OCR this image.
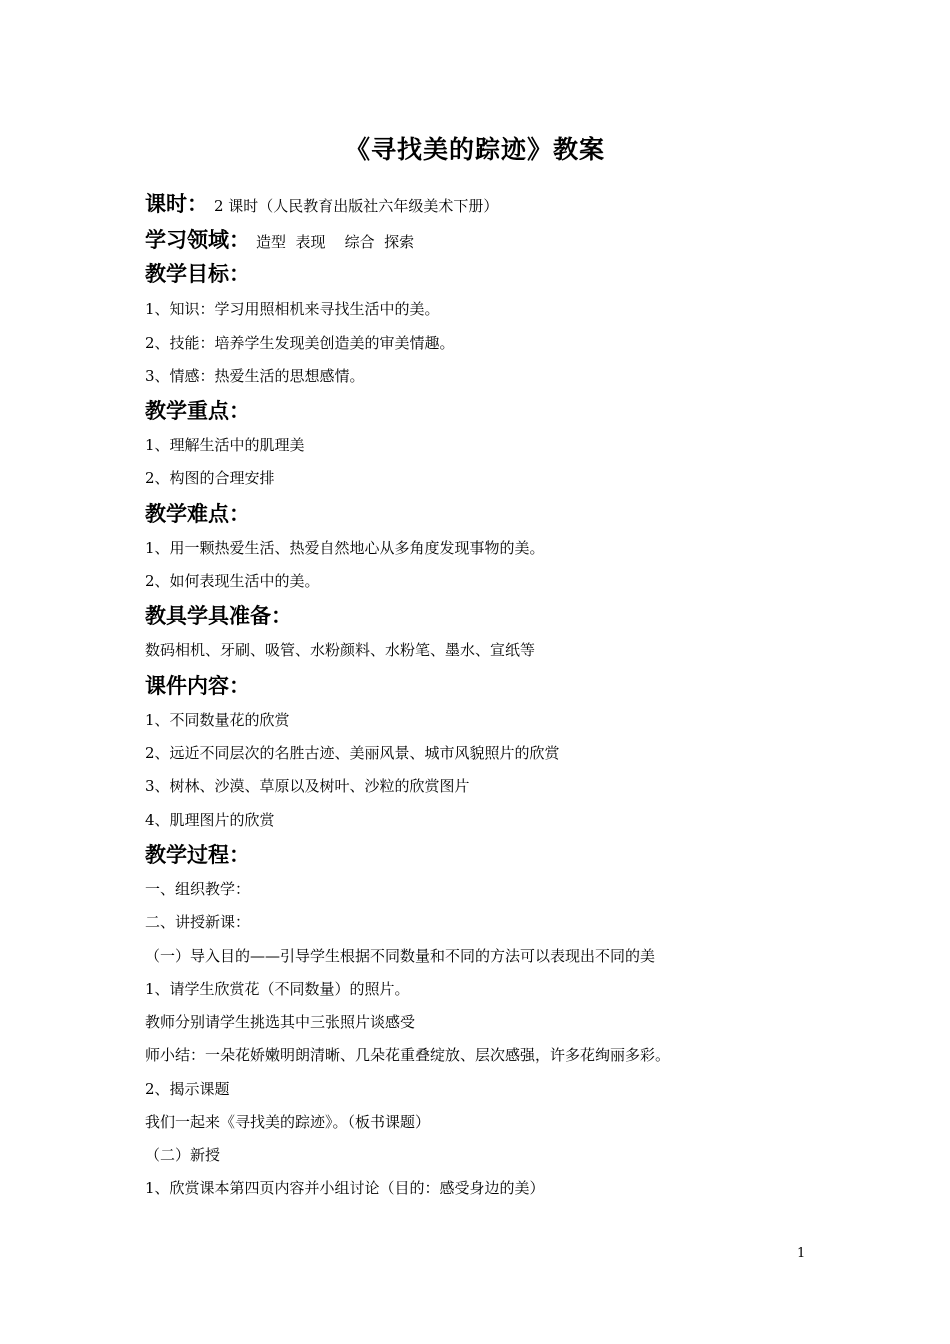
《寻找美的踪迹》教案
课时： 2 课时（人民教育出版社六年级美术下册）
学习领域： 造型  表现    综合  探索
教学目标：
1、知识：学习用照相机来寻找生活中的美。
2、技能：培养学生发现美创造美的审美情趣。
3、情感：热爱生活的思想感情。
教学重点：
1、理解生活中的肌理美
2、构图的合理安排
教学难点：
1、用一颗热爱生活、热爱自然地心从多角度发现事物的美。
2、如何表现生活中的美。
教具学具准备：
数码相机、牙刷、吸管、水粉颜料、水粉笔、墨水、宣纸等
课件内容：
1、不同数量花的欣赏
2、远近不同层次的名胜古迹、美丽风景、城市风貌照片的欣赏
3、树林、沙漠、草原以及树叶、沙粒的欣赏图片
4、肌理图片的欣赏
教学过程：
一、组织教学：
二、讲授新课：
（一）导入目的——引导学生根据不同数量和不同的方法可以表现出不同的美
1、请学生欣赏花（不同数量）的照片。
教师分别请学生挑选其中三张照片谈感受
师小结：一朵花娇嫩明朗清晰、几朵花重叠绽放、层次感强，许多花绚丽多彩。
2、揭示课题
我们一起来《寻找美的踪迹》。（板书课题）
（二）新授
1、欣赏课本第四页内容并小组讨论（目的：感受身边的美）
1
